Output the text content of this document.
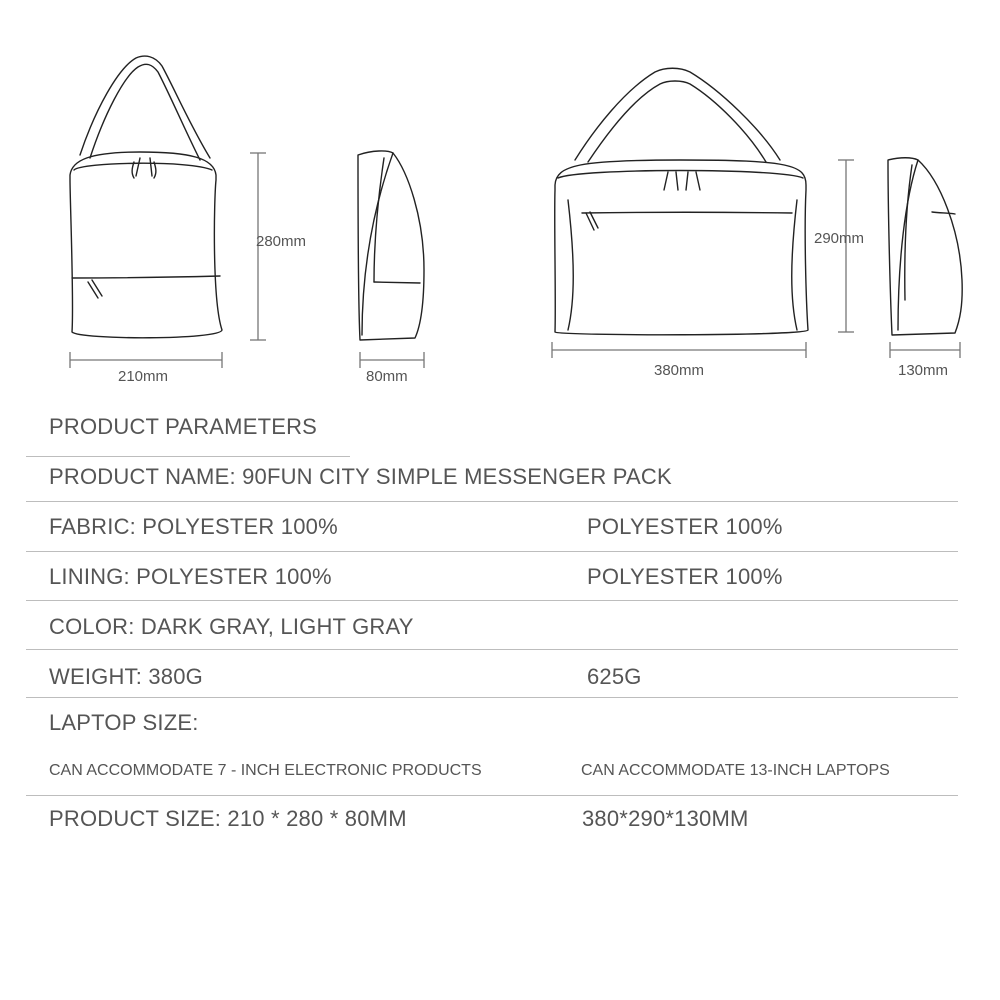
280mm
210mm	80mm
290mm
380mm	130mm
PRODUCT PARAMETERS
PRODUCT NAME: 90FUN CITY SIMPLE MESSENGER PACK
FABRIC: POLYESTER 100%	POLYESTER 100%
LINING: POLYESTER 100%	POLYESTER 100%
COLOR: DARK GRAY, LIGHT GRAY
WEIGHT: 380G	625G
LAPTOP SIZE:
CAN ACCOMMODATE 7 - INCH ELECTRONIC PRODUCTS	CAN ACCOMMODATE 13-INCH LAPTOPS
PRODUCT SIZE: 210 * 280 * 80MM	380*290*130MM
